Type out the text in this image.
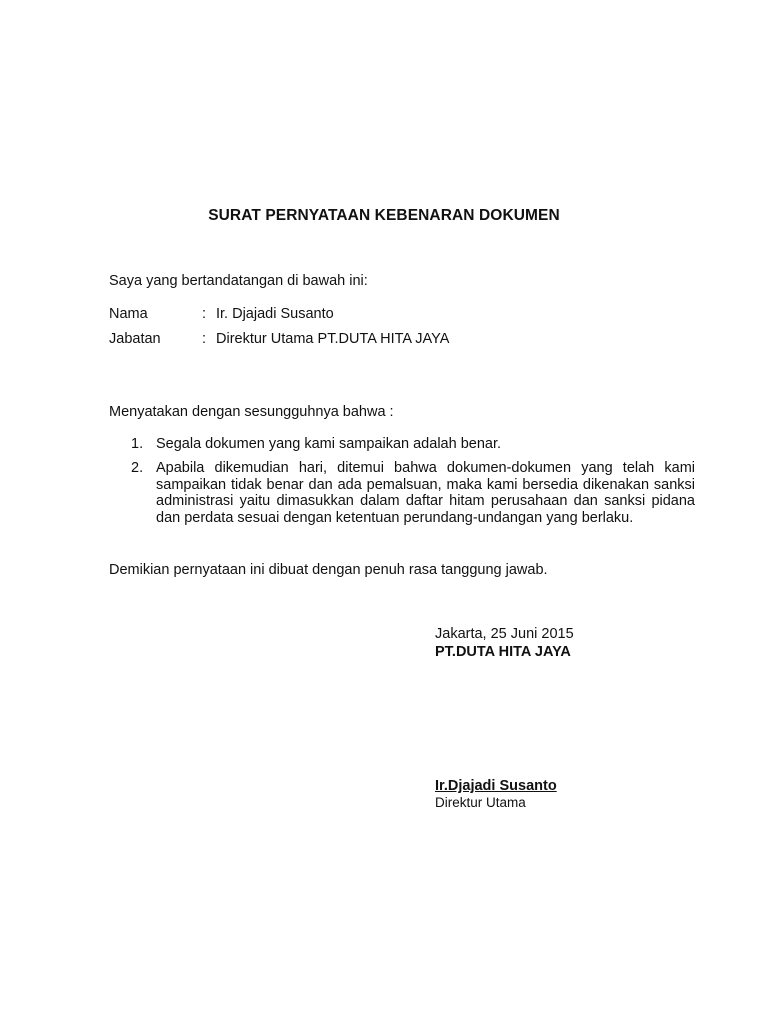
SURAT PERNYATAAN KEBENARAN DOKUMEN
Saya yang bertandatangan di bawah ini:
Nama	: Ir. Djajadi Susanto
Jabatan	: Direktur Utama PT.DUTA HITA JAYA
Menyatakan dengan sesungguhnya bahwa :
1. Segala dokumen yang kami sampaikan adalah benar.
2. Apabila dikemudian hari, ditemui bahwa dokumen-dokumen yang telah kami sampaikan tidak benar dan ada pemalsuan, maka kami bersedia dikenakan sanksi administrasi yaitu dimasukkan dalam daftar hitam perusahaan dan sanksi pidana dan perdata sesuai dengan ketentuan perundang-undangan yang berlaku.
Demikian pernyataan ini dibuat dengan penuh rasa tanggung jawab.
Jakarta, 25 Juni 2015
PT.DUTA HITA JAYA
Ir.Djajadi Susanto
Direktur Utama
